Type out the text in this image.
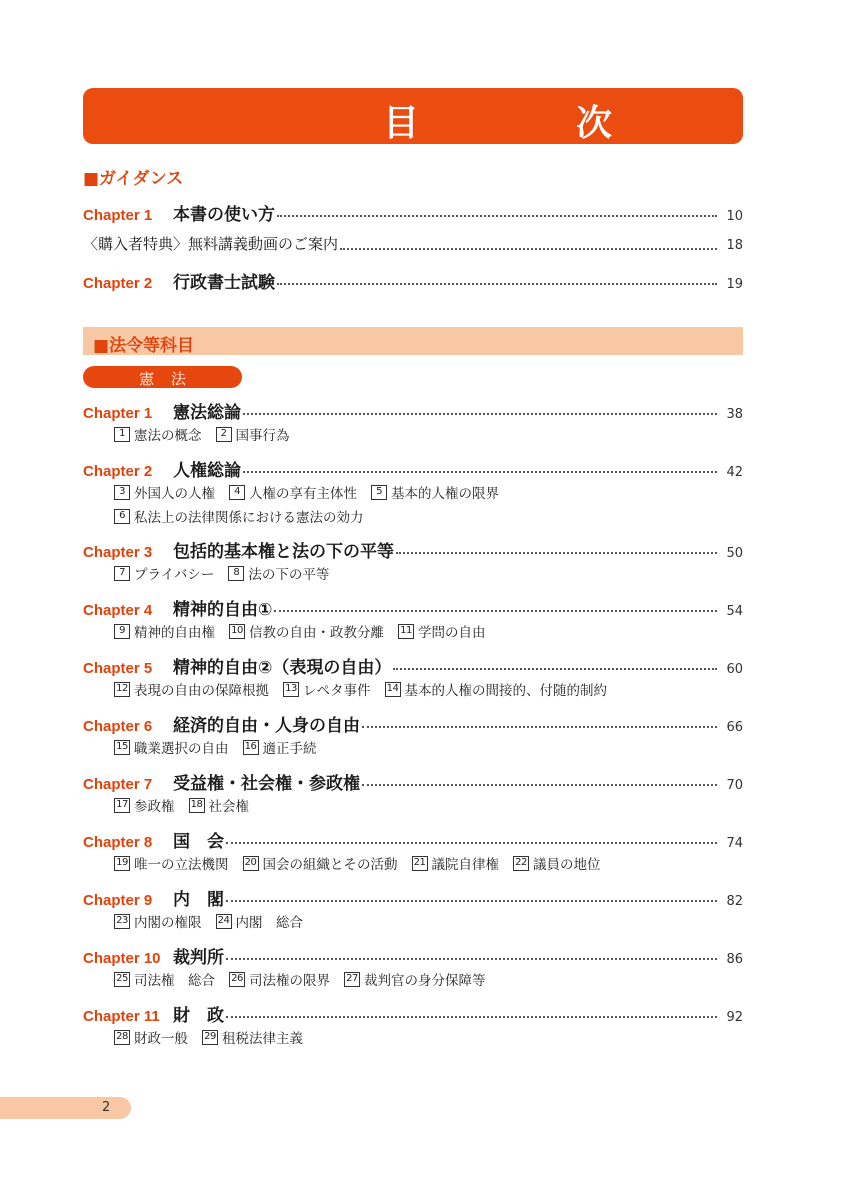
目	次
■ガイダンス
Chapter 1	本書の使い方	10
〈購入者特典〉無料講義動画のご案内	18
Chapter 2	行政書士試験	19
■法令等科目
憲 法
Chapter 1	憲法総論	38
1 憲法の概念	2 国事行為
Chapter 2	人権総論	42
3 外国人の人権	4 人権の享有主体性	5 基本的人権の限界
6 私法上の法律関係における憲法の効力
Chapter 3	包括的基本権と法の下の平等	50
7 プライバシー	8 法の下の平等
Chapter 4	精神的自由①	54
9 精神的自由権 10 信教の自由・政教分離 11 学問の自由
Chapter 5	精神的自由②（表現の自由）	60
12 表現の自由の保障根拠 13 レペタ事件 14 基本的人権の間接的、付随的制約
Chapter 6	経済的自由・人身の自由	66
15 職業選択の自由 16 適正手続
Chapter 7	受益権・社会権・参政権	70
17 参政権 18 社会権
Chapter 8	国　会	74
19 唯一の立法機関 20 国会の組織とその活動 21 議院自律権 22 議員の地位
Chapter 9	内　閣	82
23 内閣の権限 24 内閣　総合
Chapter 10 裁判所	86
25 司法権　総合 26 司法権の限界 27 裁判官の身分保障等
Chapter 11 財　政	92
28 財政一般 29 租税法律主義
2
